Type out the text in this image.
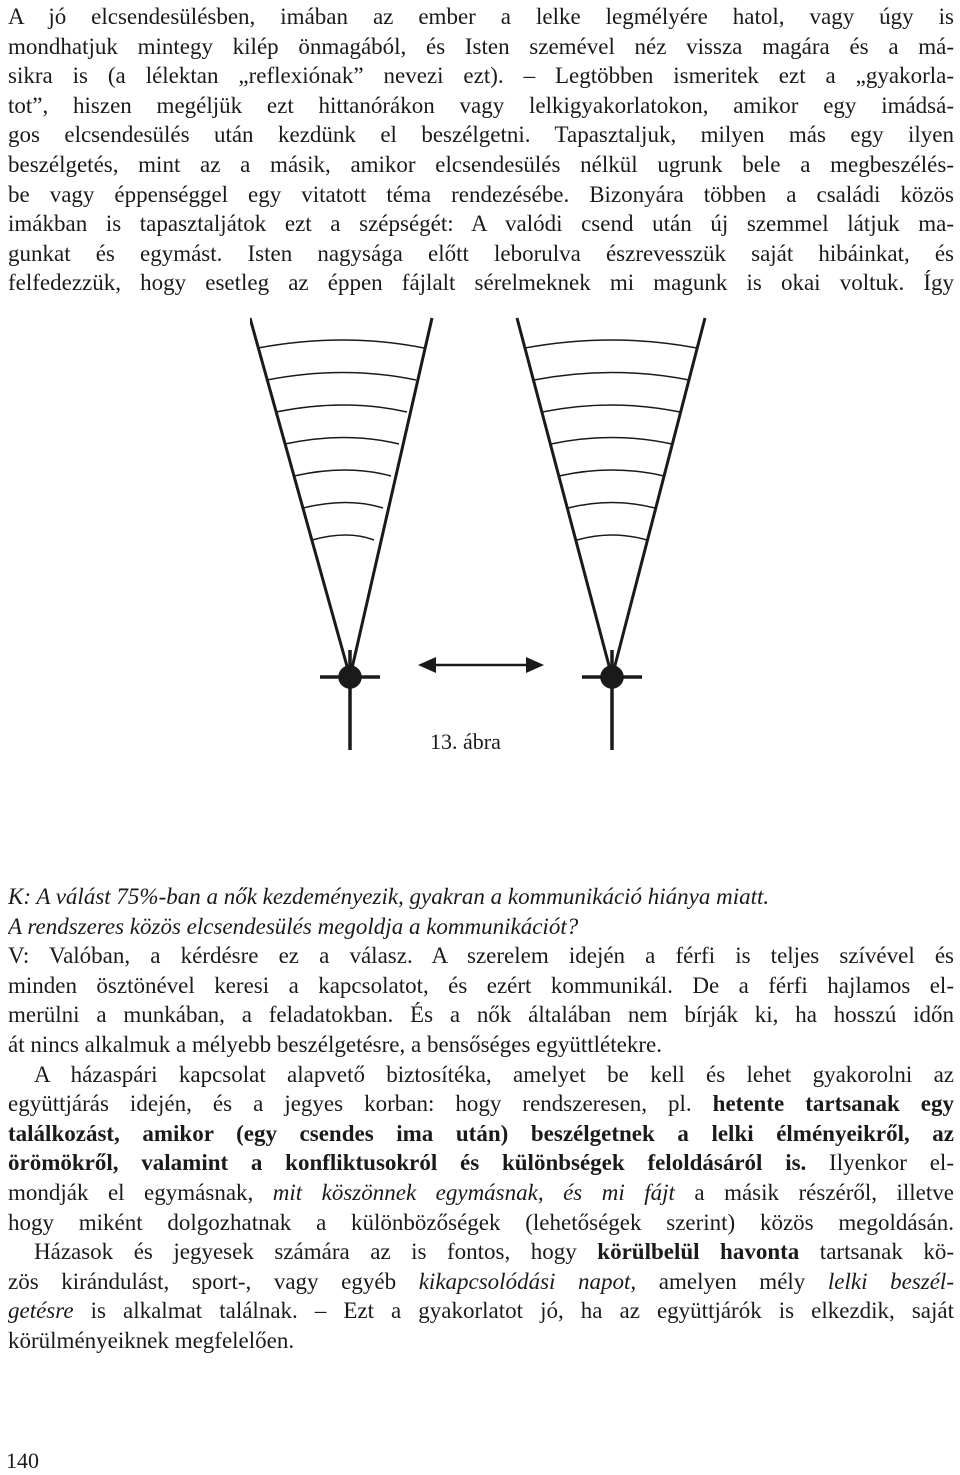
A jó elcsendesülésben, imában az ember a lelke legmélyére hatol, vagy úgy is
mondhatjuk mintegy kilép önmagából, és Isten szemével néz vissza magára és a má-
sikra is (a lélektan „reflexiónak” nevezi ezt). – Legtöbben ismeritek ezt a „gyakorla-
tot”, hiszen megéljük ezt hittanórákon vagy lelkigyakorlatokon, amikor egy imádsá-
gos elcsendesülés után kezdünk el beszélgetni. Tapasztaljuk, milyen más egy ilyen
beszélgetés, mint az a másik, amikor elcsendesülés nélkül ugrunk bele a megbeszélés-
be vagy éppenséggel egy vitatott téma rendezésébe. Bizonyára többen a családi közös
imákban is tapasztaljátok ezt a szépségét: A valódi csend után új szemmel látjuk ma-
gunkat és egymást. Isten nagysága előtt leborulva észrevesszük saját hibáinkat, és
felfedezzük, hogy esetleg az éppen fájlalt sérelmeknek mi magunk is okai voltuk. Így
13. ábra
K: A válást 75%-ban a nők kezdeményezik, gyakran a kommunikáció hiánya miatt.
A rendszeres közös elcsendesülés megoldja a kommunikációt?
V: Valóban, a kérdésre ez a válasz. A szerelem idején a férfi is teljes szívével és
minden ösztönével keresi a kapcsolatot, és ezért kommunikál. De a férfi hajlamos el-
merülni a munkában, a feladatokban. És a nők általában nem bírják ki, ha hosszú időn
át nincs alkalmuk a mélyebb beszélgetésre, a bensőséges együttlétekre.
A házaspári kapcsolat alapvető biztosítéka, amelyet be kell és lehet gyakorolni az
együttjárás idején, és a jegyes korban: hogy rendszeresen, pl. hetente tartsanak egy
találkozást, amikor (egy csendes ima után) beszélgetnek a lelki élményeikről, az
örömökről, valamint a konfliktusokról és különbségek feloldásáról is. Ilyenkor el-
mondják el egymásnak, mit köszönnek egymásnak, és mi fájt a másik részéről, illetve
hogy miként dolgozhatnak a különbözőségek (lehetőségek szerint) közös megoldásán.
Házasok és jegyesek számára az is fontos, hogy körülbelül havonta tartsanak kö-
zös kirándulást, sport-, vagy egyéb kikapcsolódási napot, amelyen mély lelki beszél-
getésre is alkalmat találnak. – Ezt a gyakorlatot jó, ha az együttjárók is elkezdik, saját
körülményeiknek megfelelően.
140
